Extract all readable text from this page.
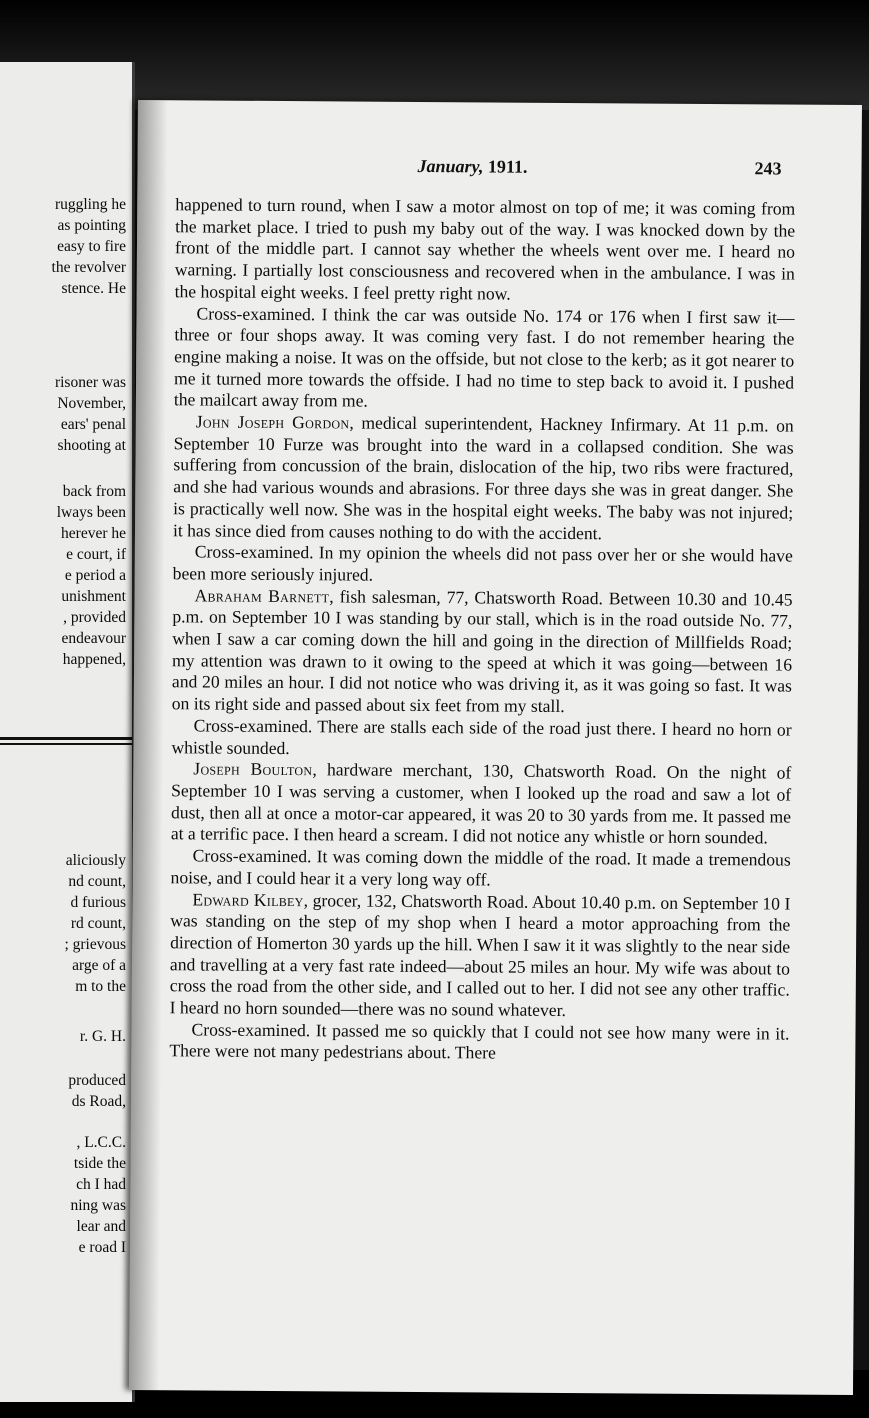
ruggling he
as pointing
easy to fire
the revolver
stence. He
risoner was
November,
ears' penal
shooting at
back from
lways been
herever he
e court, if
e period a
unishment
, provided
endeavour
happened,
aliciously
nd count,
d furious
rd count,
; grievous
arge of a
m to the
r. G. H.
produced
ds Road,
, L.C.C.
tside the
ch I had
ning was
lear and
e road I
January, 1911.	243

happened to turn round, when I saw a motor almost on top of me; it was coming from the market place. I tried to push my baby out of the way. I was knocked down by the front of the middle part. I cannot say whether the wheels went over me. I heard no warning. I partially lost consciousness and recovered when in the ambulance. I was in the hospital eight weeks. I feel pretty right now.

Cross-examined. I think the car was outside No. 174 or 176 when I first saw it—three or four shops away. It was coming very fast. I do not remember hearing the engine making a noise. It was on the offside, but not close to the kerb; as it got nearer to me it turned more towards the offside. I had no time to step back to avoid it. I pushed the mailcart away from me.

John Joseph Gordon, medical superintendent, Hackney Infirmary. At 11 p.m. on September 10 Furze was brought into the ward in a collapsed condition. She was suffering from concussion of the brain, dislocation of the hip, two ribs were fractured, and she had various wounds and abrasions. For three days she was in great danger. She is practically well now. She was in the hospital eight weeks. The baby was not injured; it has since died from causes nothing to do with the accident.

Cross-examined. In my opinion the wheels did not pass over her or she would have been more seriously injured.

Abraham Barnett, fish salesman, 77, Chatsworth Road. Between 10.30 and 10.45 p.m. on September 10 I was standing by our stall, which is in the road outside No. 77, when I saw a car coming down the hill and going in the direction of Millfields Road; my attention was drawn to it owing to the speed at which it was going—between 16 and 20 miles an hour. I did not notice who was driving it, as it was going so fast. It was on its right side and passed about six feet from my stall.

Cross-examined. There are stalls each side of the road just there. I heard no horn or whistle sounded.

Joseph Boulton, hardware merchant, 130, Chatsworth Road. On the night of September 10 I was serving a customer, when I looked up the road and saw a lot of dust, then all at once a motor-car appeared, it was 20 to 30 yards from me. It passed me at a terrific pace. I then heard a scream. I did not notice any whistle or horn sounded.

Cross-examined. It was coming down the middle of the road. It made a tremendous noise, and I could hear it a very long way off.

Edward Kilbey, grocer, 132, Chatsworth Road. About 10.40 p.m. on September 10 I was standing on the step of my shop when I heard a motor approaching from the direction of Homerton 30 yards up the hill. When I saw it it was slightly to the near side and travelling at a very fast rate indeed—about 25 miles an hour. My wife was about to cross the road from the other side, and I called out to her. I did not see any other traffic. I heard no horn sounded—there was no sound whatever.

Cross-examined. It passed me so quickly that I could not see how many were in it. There were not many pedestrians about. There
